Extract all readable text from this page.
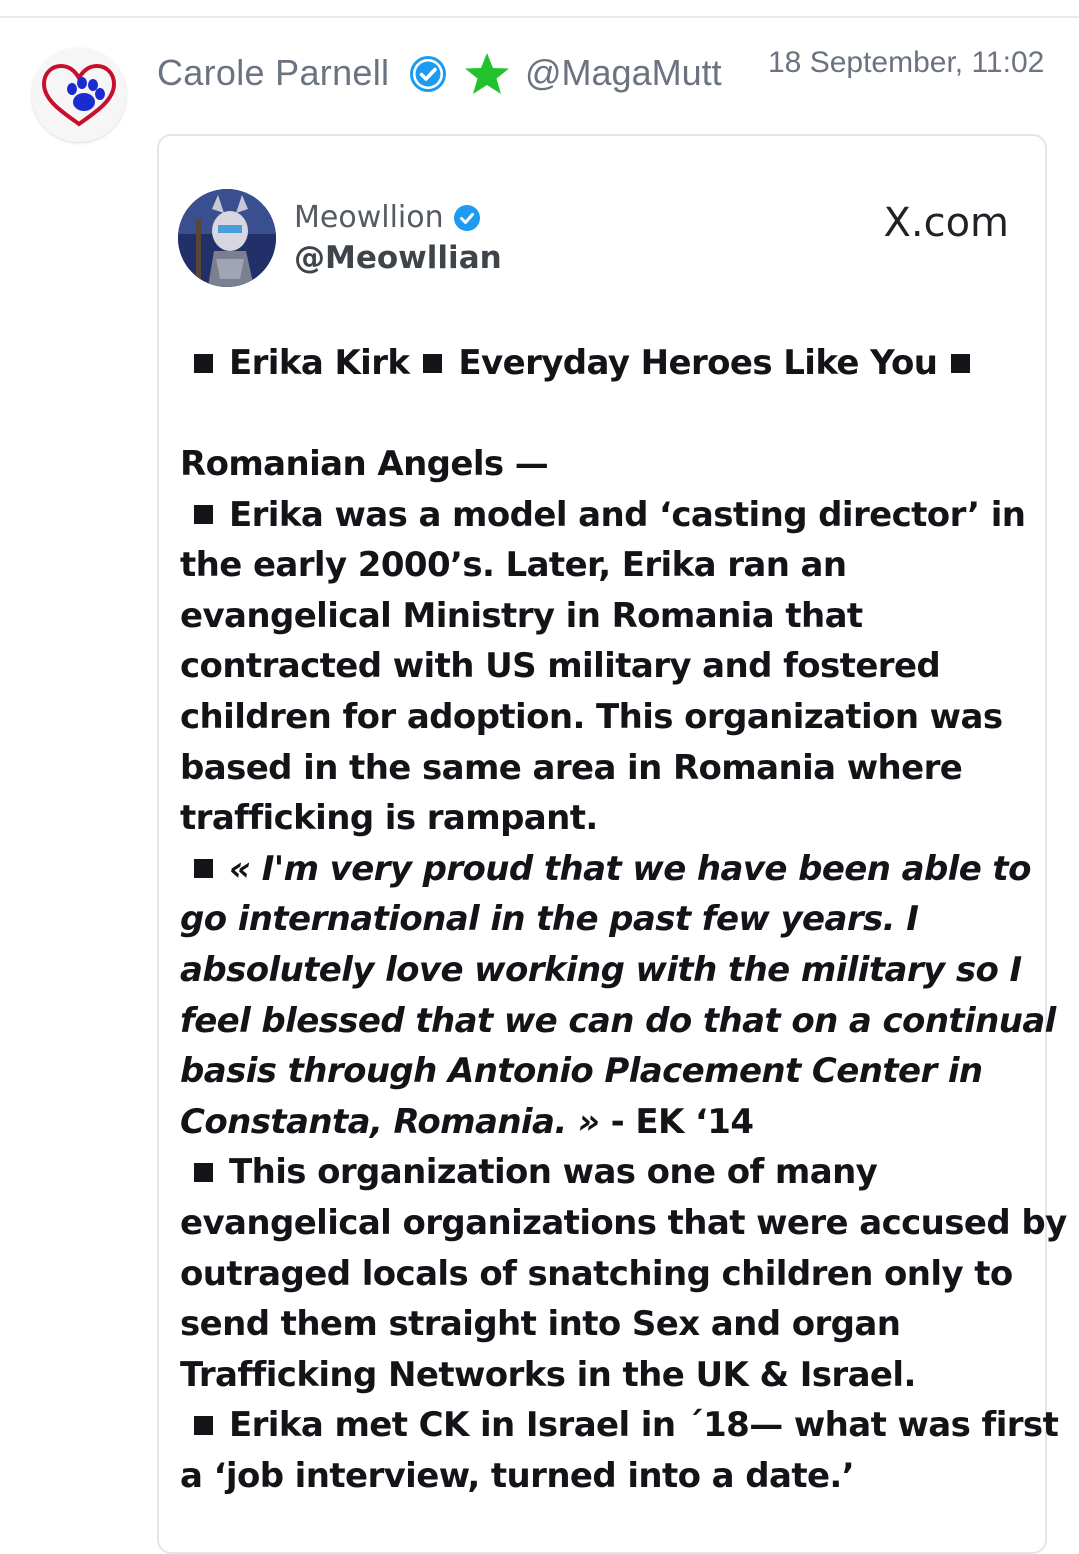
Carole Parnell	@MagaMutt 18 September, 11:02
Meowllion
@Meowllian
X.com
Erika Kirk Everyday Heroes Like You
Romanian Angels —
Erika was a model and ‘casting director’ in
the early 2000’s. Later, Erika ran an
evangelical Ministry in Romania that
contracted with US military and fostered
children for adoption. This organization was
based in the same area in Romania where
trafficking is rampant.
« I'm very proud that we have been able to
go international in the past few years. I
absolutely love working with the military so I
feel blessed that we can do that on a continual
basis through Antonio Placement Center in
Constanta, Romania. » - EK ‘14
This organization was one of many
evangelical organizations that were accused by
outraged locals of snatching children only to
send them straight into Sex and organ
Trafficking Networks in the UK & Israel.
Erika met CK in Israel in ´18— what was first
a ‘job interview, turned into a date.’
